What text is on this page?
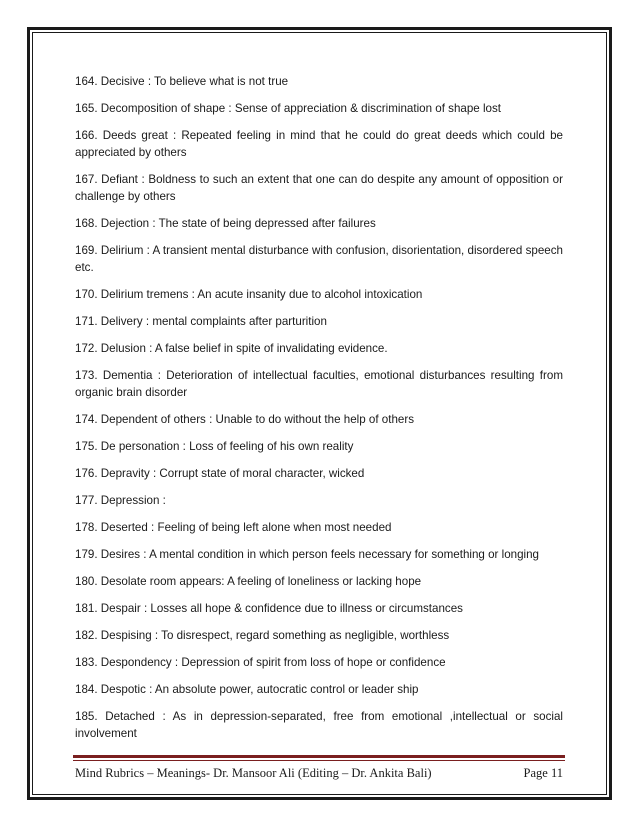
164. Decisive : To believe what is not true

165. Decomposition of shape : Sense of appreciation & discrimination of shape lost

166. Deeds great : Repeated feeling in mind that he could do great deeds which could be appreciated by others

167. Defiant : Boldness to such an extent that one can do despite any amount of opposition or challenge by others

168. Dejection : The state of being depressed after failures

169. Delirium : A transient mental disturbance with confusion, disorientation, disordered speech etc.

170. Delirium tremens : An acute insanity due to alcohol intoxication

171. Delivery : mental complaints after parturition

172. Delusion : A false belief in spite of invalidating evidence.

173. Dementia : Deterioration of intellectual faculties, emotional disturbances resulting from organic brain disorder

174. Dependent of others : Unable to do without the help of others

175. De personation : Loss of feeling of his own reality

176. Depravity : Corrupt state of moral character, wicked

177. Depression :

178. Deserted : Feeling of being left alone when most needed

179. Desires : A mental condition in which person feels necessary for something or longing

180. Desolate room appears: A feeling of loneliness or lacking hope

181. Despair : Losses all hope & confidence due to illness or circumstances

182. Despising : To disrespect, regard something as negligible, worthless

183. Despondency : Depression of spirit from loss of hope or confidence

184. Despotic : An absolute power, autocratic control or leader ship

185. Detached : As in depression-separated, free from emotional ,intellectual or social involvement

Mind Rubrics – Meanings- Dr. Mansoor Ali (Editing – Dr. Ankita Bali)	Page 11
